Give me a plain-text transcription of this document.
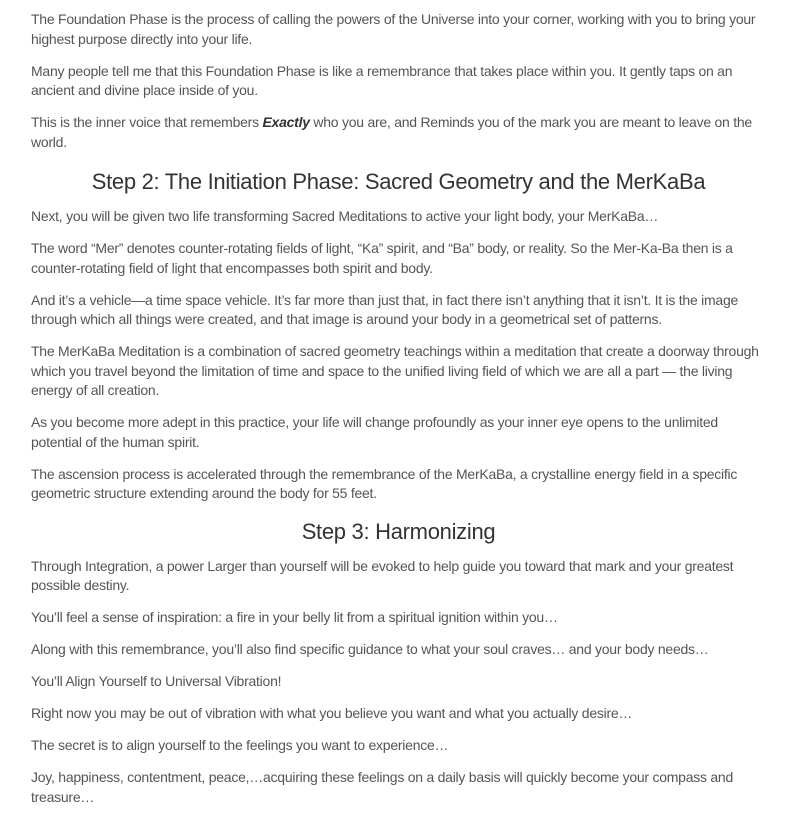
The Foundation Phase is the process of calling the powers of the Universe into your corner, working with you to bring your highest purpose directly into your life.

Many people tell me that this Foundation Phase is like a remembrance that takes place within you. It gently taps on an ancient and divine place inside of you.

This is the inner voice that remembers Exactly who you are, and Reminds you of the mark you are meant to leave on the world.

Step 2: The Initiation Phase: Sacred Geometry and the MerKaBa

Next, you will be given two life transforming Sacred Meditations to active your light body, your MerKaBa…

The word “Mer” denotes counter-rotating fields of light, “Ka” spirit, and “Ba” body, or reality. So the Mer-Ka-Ba then is a counter-rotating field of light that encompasses both spirit and body.

And it’s a vehicle—a time space vehicle. It’s far more than just that, in fact there isn’t anything that it isn’t. It is the image through which all things were created, and that image is around your body in a geometrical set of patterns.

The MerKaBa Meditation is a combination of sacred geometry teachings within a meditation that create a doorway through which you travel beyond the limitation of time and space to the unified living field of which we are all a part — the living energy of all creation.

As you become more adept in this practice, your life will change profoundly as your inner eye opens to the unlimited potential of the human spirit.

The ascension process is accelerated through the remembrance of the MerKaBa, a crystalline energy field in a specific geometric structure extending around the body for 55 feet.

Step 3: Harmonizing

Through Integration, a power Larger than yourself will be evoked to help guide you toward that mark and your greatest possible destiny.

You’ll feel a sense of inspiration: a fire in your belly lit from a spiritual ignition within you…

Along with this remembrance, you’ll also find specific guidance to what your soul craves… and your body needs…

You’ll Align Yourself to Universal Vibration!

Right now you may be out of vibration with what you believe you want and what you actually desire…

The secret is to align yourself to the feelings you want to experience…

Joy, happiness, contentment, peace,…acquiring these feelings on a daily basis will quickly become your compass and treasure…
